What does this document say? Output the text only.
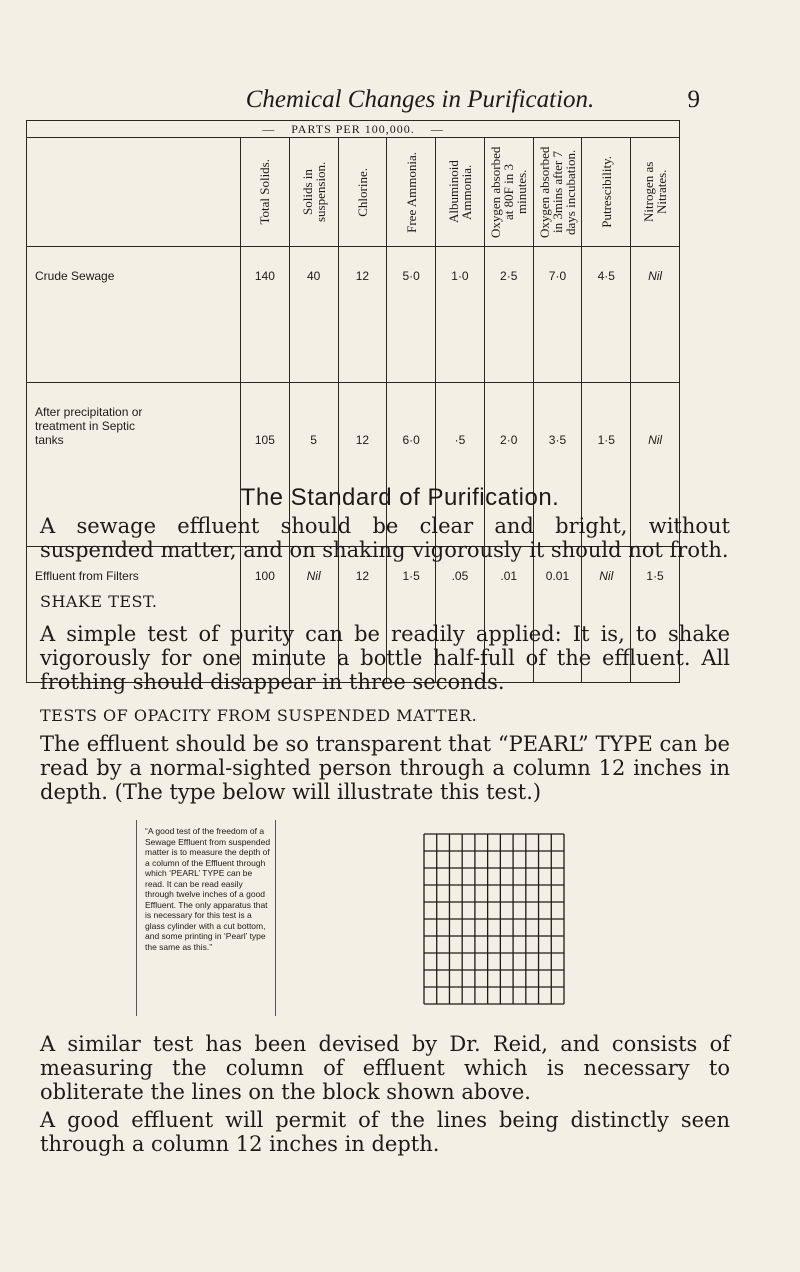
Chemical Changes in Purification.	9
— PARTS PER 100,000. —									

	Total Solids.	Solids in suspension.	Chlorine.	Free Ammonia.	Albuminoid Ammonia.	Oxygen absorbed at 80F in 3 minutes.	Oxygen absorbed in 3mins after 7 days incubation.	Putrescibility.	Nitrogen as Nitrates.

Crude Sewage	140	40	12	5·0	1·0	2·5	7·0	4·5	Nil

After precipitation or
treatment in Septic
tanks	105	5	12	6·0	·5	2·0	3·5	1·5	Nil

Effluent from Filters	100	Nil	12	1·5	.05	.01	0.01	Nil	1·5
The Standard of Purification.

A sewage effluent should be clear and bright, without suspended matter, and on shaking vigorously it should not froth.

SHAKE TEST.

A simple test of purity can be readily applied: It is, to shake vigorously for one minute a bottle half-full of the effluent. All frothing should disappear in three seconds.

TESTS OF OPACITY FROM SUSPENDED MATTER.

The effluent should be so transparent that “PEARL” TYPE can be read by a normal-sighted person through a column 12 inches in depth. (The type below will illustrate this test.)

“A good test of the freedom of a Sewage Effluent from suspended matter is to measure the depth of a column of the Effluent through which ‘PEARL’ TYPE can be read. It can be read easily through twelve inches of a good Effluent. The only apparatus that is necessary for this test is a glass cylinder with a cut bottom, and some printing in ‘Pearl’ type the same as this.”

A similar test has been devised by Dr. Reid, and consists of measuring the column of effluent which is necessary to obliterate the lines on the block shown above.

A good effluent will permit of the lines being distinctly seen through a column 12 inches in depth.
